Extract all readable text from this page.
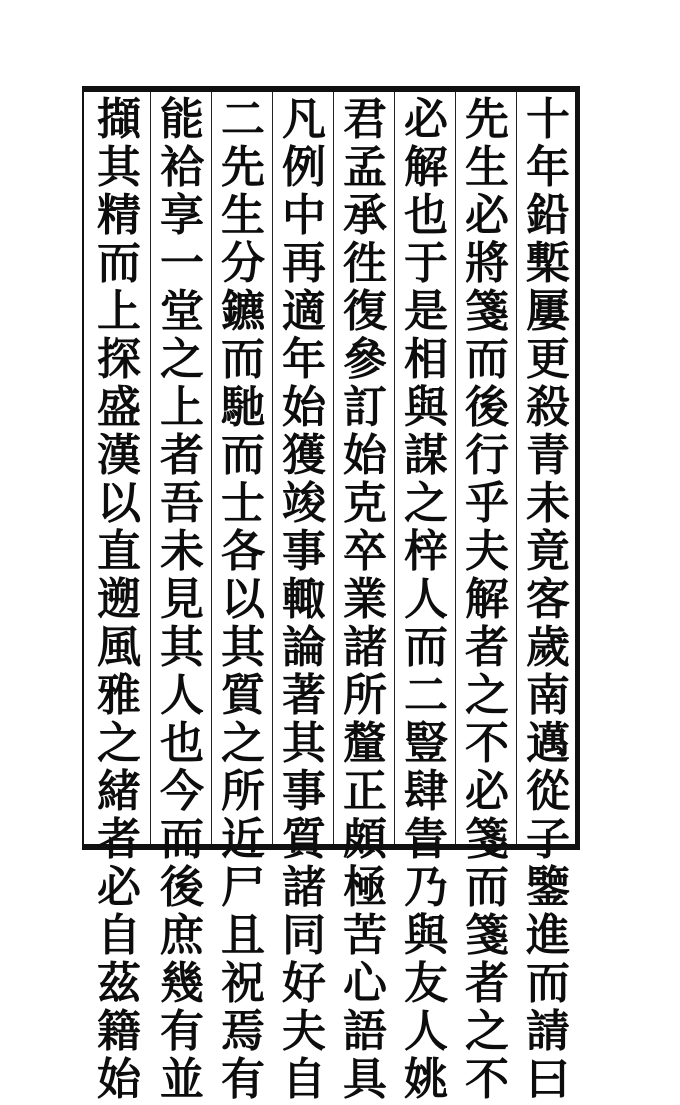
十
年
鉛
槧
屢
更
殺
青
未
竟
客
歲
南
邁
從
子
鑒
進
而
請
曰
先
生
必
將
箋
而
後
行
乎
夫
解
者
之
不
必
箋
而
箋
者
之
不
必
解
也
于
是
相
與
謀
之
梓
人
而
二
豎
肆
眚
乃
與
友
人
姚
君
孟
承
徃
復
參
訂
始
克
卒
業
諸
所
釐
正
頗
極
苦
心
語
具
凡
例
中
再
適
年
始
獲
竣
事
輙
論
著
其
事
質
諸
同
好
夫
自
二
先
生
分
鑣
而
馳
而
士
各
以
其
質
之
所
近
尸
且
祝
焉
有
能
袷
享
一
堂
之
上
者
吾
未
見
其
人
也
今
而
後
庶
幾
有
並
擷
其
精
而
上
探
盛
漢
以
直
遡
風
雅
之
緒
者
必
自
茲
籍
始
